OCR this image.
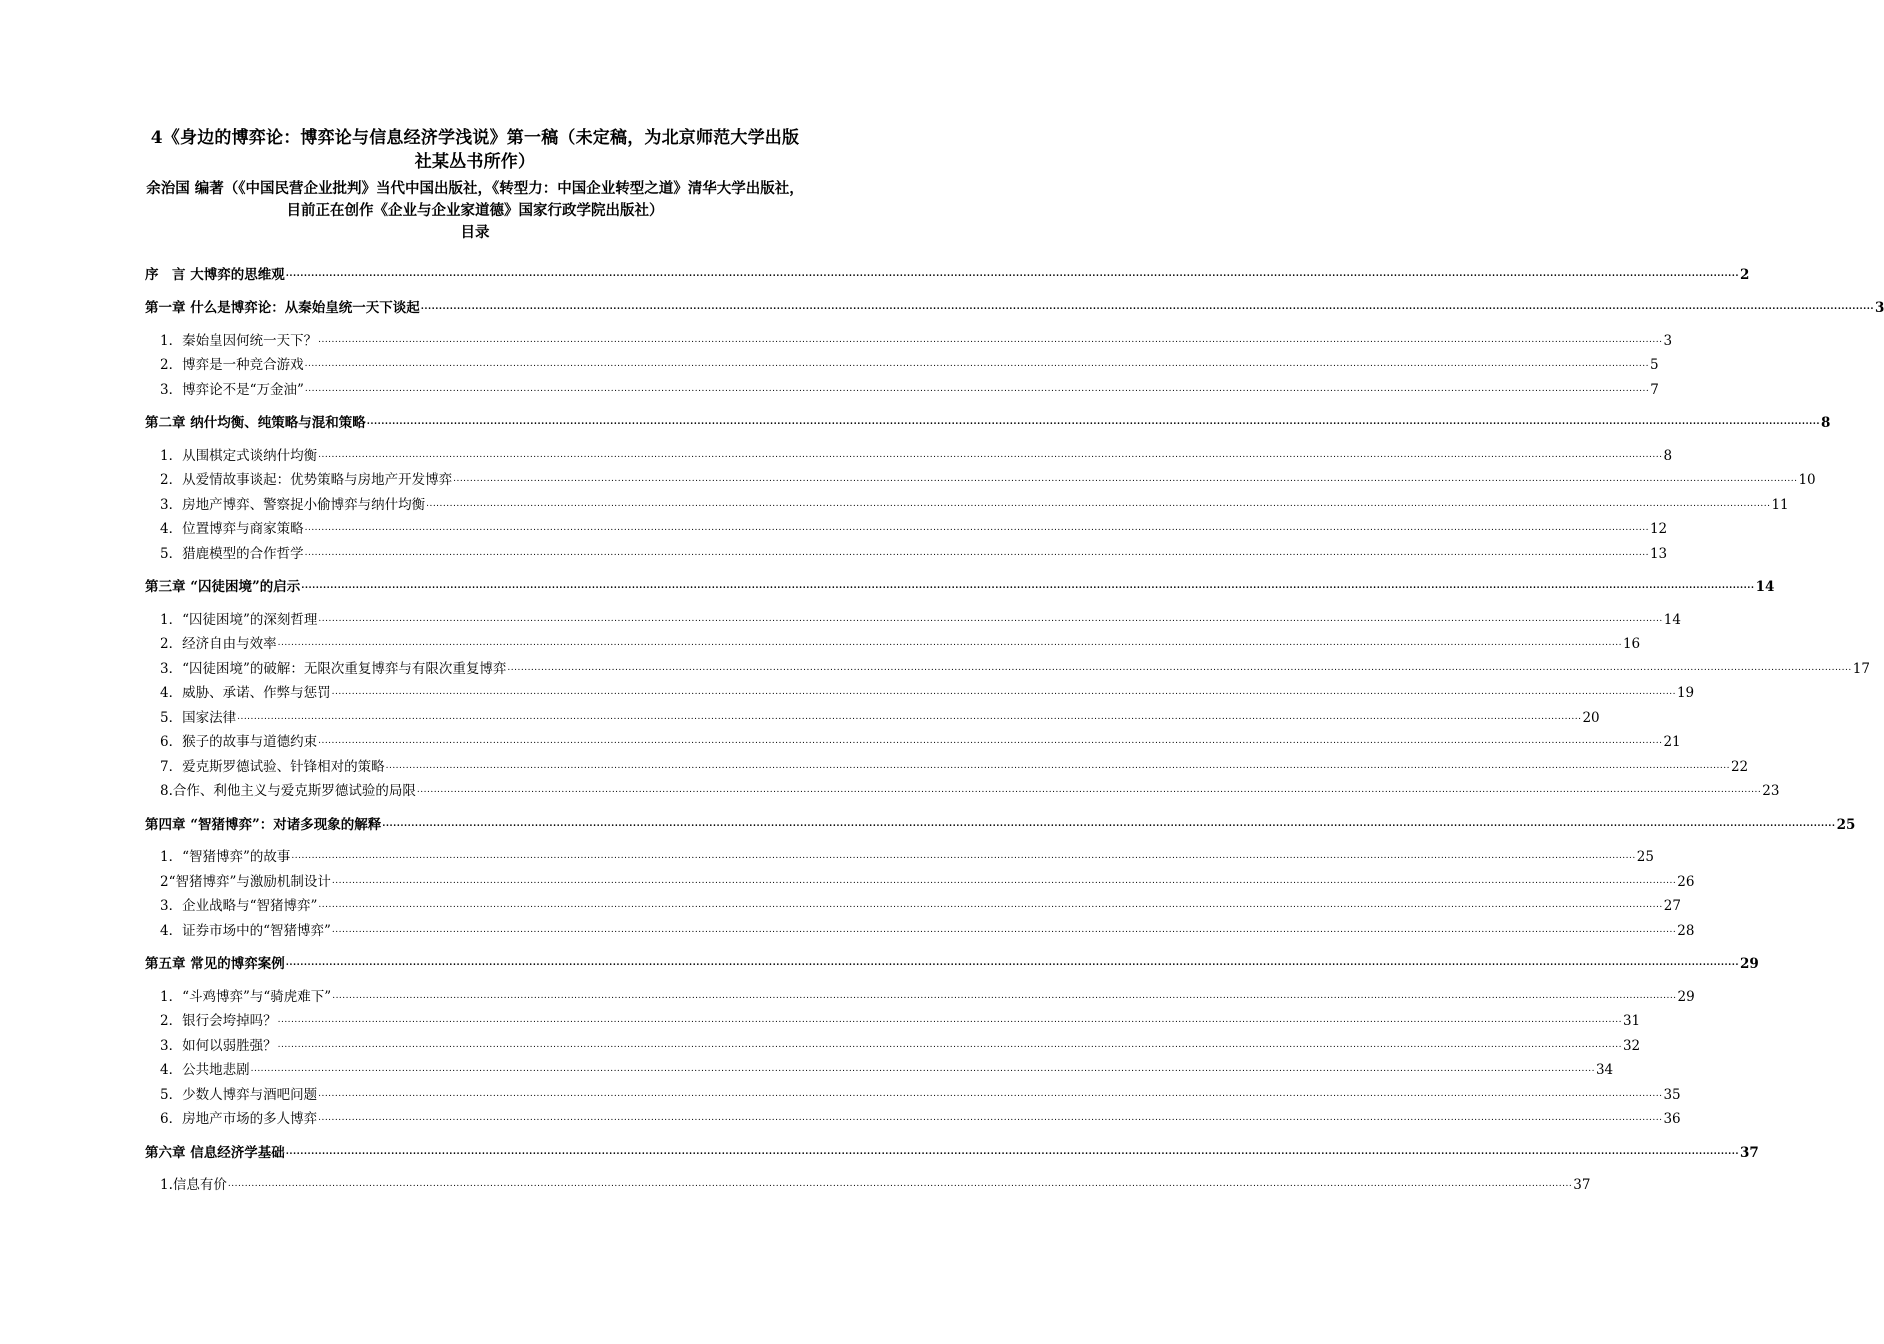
4《身边的博弈论：博弈论与信息经济学浅说》第一稿（未定稿，为北京师范大学出版社某丛书所作）
余治国 编著（《中国民营企业批判》当代中国出版社，《转型力：中国企业转型之道》清华大学出版社，目前正在创作《企业与企业家道德》国家行政学院出版社）
目录
序　言 大博弈的思维观 ................................................................................................................................................................................................................................................................................................................................................................................................................ 2
第一章 什么是博弈论：从秦始皇统一天下谈起 ................................................................................................................................................................................................................................................................................................................................................................................................................ 3
1．秦始皇因何统一天下？ ................................................................................................................................................................................................................................................................................................................................................................................................................ 3
2．博弈是一种竞合游戏 ................................................................................................................................................................................................................................................................................................................................................................................................................ 5
3．博弈论不是“万金油” ................................................................................................................................................................................................................................................................................................................................................................................................................ 7
第二章 纳什均衡、纯策略与混和策略 ................................................................................................................................................................................................................................................................................................................................................................................................................ 8
1．从围棋定式谈纳什均衡 ................................................................................................................................................................................................................................................................................................................................................................................................................ 8
2．从爱情故事谈起：优势策略与房地产开发博弈 ................................................................................................................................................................................................................................................................................................................................................................................................................ 10
3．房地产博弈、警察捉小偷博弈与纳什均衡 ................................................................................................................................................................................................................................................................................................................................................................................................................ 11
4．位置博弈与商家策略 ................................................................................................................................................................................................................................................................................................................................................................................................................ 12
5．猎鹿模型的合作哲学 ................................................................................................................................................................................................................................................................................................................................................................................................................ 13
第三章 “囚徒困境”的启示 ................................................................................................................................................................................................................................................................................................................................................................................................................ 14
1．“囚徒困境”的深刻哲理 ................................................................................................................................................................................................................................................................................................................................................................................................................ 14
2．经济自由与效率 ................................................................................................................................................................................................................................................................................................................................................................................................................ 16
3．“囚徒困境”的破解：无限次重复博弈与有限次重复博弈 ................................................................................................................................................................................................................................................................................................................................................................................................................ 17
4．威胁、承诺、作弊与惩罚 ................................................................................................................................................................................................................................................................................................................................................................................................................ 19
5．国家法律 ................................................................................................................................................................................................................................................................................................................................................................................................................ 20
6．猴子的故事与道德约束 ................................................................................................................................................................................................................................................................................................................................................................................................................ 21
7．爱克斯罗德试验、针锋相对的策略 ................................................................................................................................................................................................................................................................................................................................................................................................................ 22
8.合作、利他主义与爱克斯罗德试验的局限 ................................................................................................................................................................................................................................................................................................................................................................................................................ 23
第四章 “智猪博弈”：对诸多现象的解释 ................................................................................................................................................................................................................................................................................................................................................................................................................ 25
1．“智猪博弈”的故事 ................................................................................................................................................................................................................................................................................................................................................................................................................ 25
2“智猪博弈”与激励机制设计 ................................................................................................................................................................................................................................................................................................................................................................................................................ 26
3．企业战略与“智猪博弈” ................................................................................................................................................................................................................................................................................................................................................................................................................ 27
4．证券市场中的“智猪博弈” ................................................................................................................................................................................................................................................................................................................................................................................................................ 28
第五章 常见的博弈案例 ................................................................................................................................................................................................................................................................................................................................................................................................................ 29
1．“斗鸡博弈”与“骑虎难下” ................................................................................................................................................................................................................................................................................................................................................................................................................ 29
2．银行会垮掉吗？ ................................................................................................................................................................................................................................................................................................................................................................................................................ 31
3．如何以弱胜强？ ................................................................................................................................................................................................................................................................................................................................................................................................................ 32
4．公共地悲剧 ................................................................................................................................................................................................................................................................................................................................................................................................................ 34
5．少数人博弈与酒吧问题 ................................................................................................................................................................................................................................................................................................................................................................................................................ 35
6．房地产市场的多人博弈 ................................................................................................................................................................................................................................................................................................................................................................................................................ 36
第六章 信息经济学基础 ................................................................................................................................................................................................................................................................................................................................................................................................................ 37
1.信息有价 ................................................................................................................................................................................................................................................................................................................................................................................................................ 37
